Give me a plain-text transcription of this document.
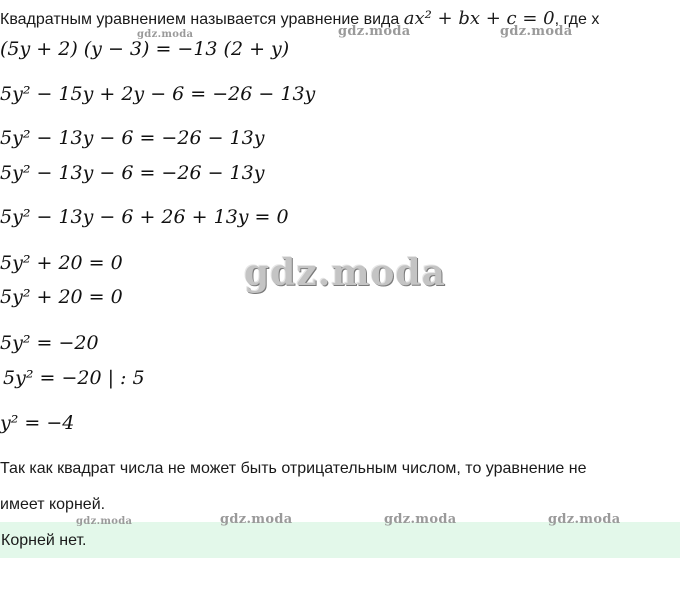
Квадратным уравнением называется уравнение вида ax² + bx + c = 0, где x
(5y + 2) (y − 3) = −13 (2 + y)
5y² − 15y + 2y − 6 = −26 − 13y
5y² − 13y − 6 = −26 − 13y
5y² − 13y − 6 = −26 − 13y
5y² − 13y − 6 + 26 + 13y = 0
5y² + 20 = 0
5y² + 20 = 0
5y² = −20
5y² = −20 | : 5
y² = −4
Так как квадрат числа не может быть отрицательным числом, то уравнение не
имеет корней.
Корней нет.
gdz.moda	gdz.moda	gdz.moda
gdz.moda
gdz.moda	gdz.moda	gdz.moda	gdz.moda
